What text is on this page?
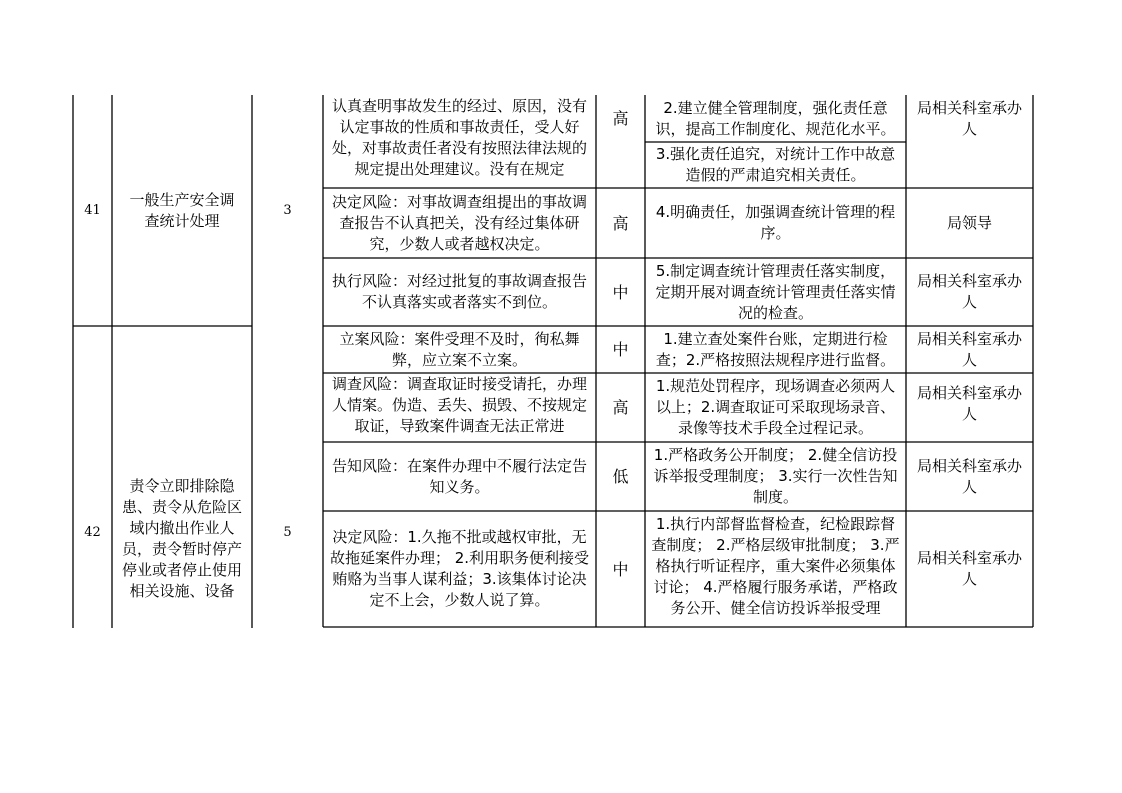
41
一般生产安全调查统计处理
3
认真查明事故发生的经过、原因，没有认定事故的性质和事故责任，受人好处，对事故责任者没有按照法律法规的规定提出处理建议。没有在规定
高
2.建立健全管理制度，强化责任意识，提高工作制度化、规范化水平。
3.强化责任追究，对统计工作中故意造假的严肃追究相关责任。
局相关科室承办人
决定风险：对事故调查组提出的事故调查报告不认真把关，没有经过集体研究，少数人或者越权决定。
高
4.明确责任，加强调查统计管理的程序。
局领导
执行风险：对经过批复的事故调查报告不认真落实或者落实不到位。
中
5.制定调查统计管理责任落实制度，定期开展对调查统计管理责任落实情况的检查。
局相关科室承办人
42
责令立即排除隐患、责令从危险区域内撤出作业人员，责令暂时停产停业或者停止使用相关设施、设备
5
立案风险：案件受理不及时，徇私舞弊，应立案不立案。
中
1.建立查处案件台账，定期进行检查；2.严格按照法规程序进行监督。
局相关科室承办人
调查风险：调查取证时接受请托，办理人情案。伪造、丢失、损毁、不按规定取证，导致案件调查无法正常进
高
1.规范处罚程序，现场调查必须两人以上；2.调查取证可采取现场录音、录像等技术手段全过程记录。
局相关科室承办人
告知风险：在案件办理中不履行法定告知义务。
低
1.严格政务公开制度； 2.健全信访投诉举报受理制度； 3.实行一次性告知制度。
局相关科室承办人
决定风险：1.久拖不批或越权审批，无故拖延案件办理； 2.利用职务便利接受贿赂为当事人谋利益；3.该集体讨论决定不上会，少数人说了算。
中
1.执行内部督监督检查，纪检跟踪督查制度； 2.严格层级审批制度； 3.严格执行听证程序，重大案件必须集体讨论； 4.严格履行服务承诺，严格政务公开、健全信访投诉举报受理
局相关科室承办人
